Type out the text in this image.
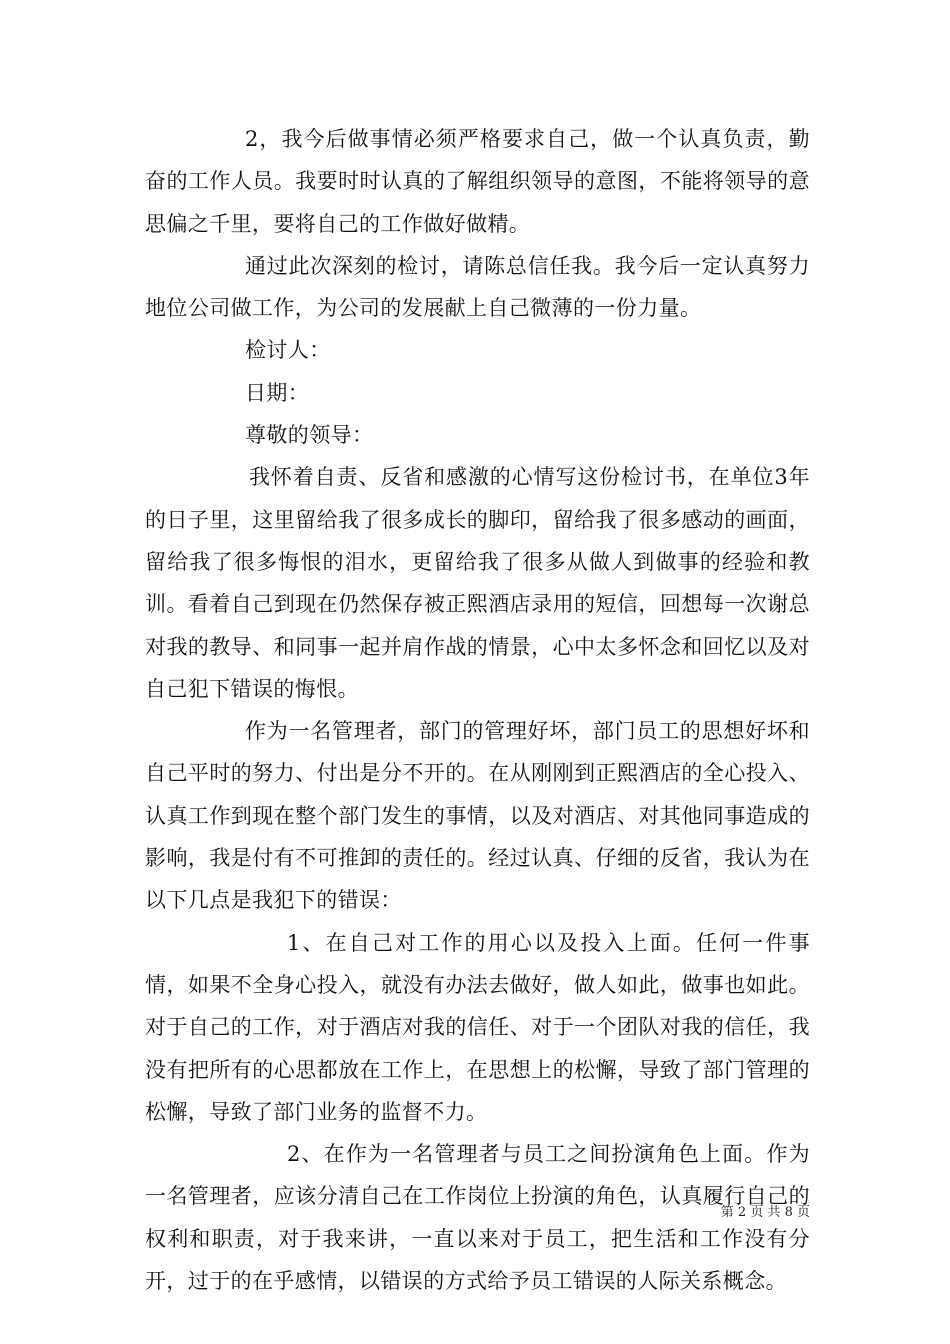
2，我今后做事情必须严格要求自己，做一个认真负责，勤奋的工作人员。我要时时认真的了解组织领导的意图，不能将领导的意思偏之千里，要将自己的工作做好做精。

通过此次深刻的检讨，请陈总信任我。我今后一定认真努力地位公司做工作，为公司的发展献上自己微薄的一份力量。

检讨人：

日期：

尊敬的领导：

我怀着自责、反省和感激的心情写这份检讨书，在单位3年的日子里，这里留给我了很多成长的脚印，留给我了很多感动的画面，留给我了很多悔恨的泪水，更留给我了很多从做人到做事的经验和教训。看着自己到现在仍然保存被正熙酒店录用的短信，回想每一次谢总对我的教导、和同事一起并肩作战的情景，心中太多怀念和回忆以及对自己犯下错误的悔恨。

作为一名管理者，部门的管理好坏，部门员工的思想好坏和自己平时的努力、付出是分不开的。在从刚刚到正熙酒店的全心投入、认真工作到现在整个部门发生的事情，以及对酒店、对其他同事造成的影响，我是付有不可推卸的责任的。经过认真、仔细的反省，我认为在以下几点是我犯下的错误：

1、在自己对工作的用心以及投入上面。任何一件事情，如果不全身心投入，就没有办法去做好，做人如此，做事也如此。对于自己的工作，对于酒店对我的信任、对于一个团队对我的信任，我没有把所有的心思都放在工作上，在思想上的松懈，导致了部门管理的松懈，导致了部门业务的监督不力。

2、在作为一名管理者与员工之间扮演角色上面。作为一名管理者，应该分清自己在工作岗位上扮演的角色，认真履行自己的权利和职责，对于我来讲，一直以来对于员工，把生活和工作没有分开，过于的在乎感情，以错误的方式给予员工错误的人际关系概念。

第 2 页 共 8 页
